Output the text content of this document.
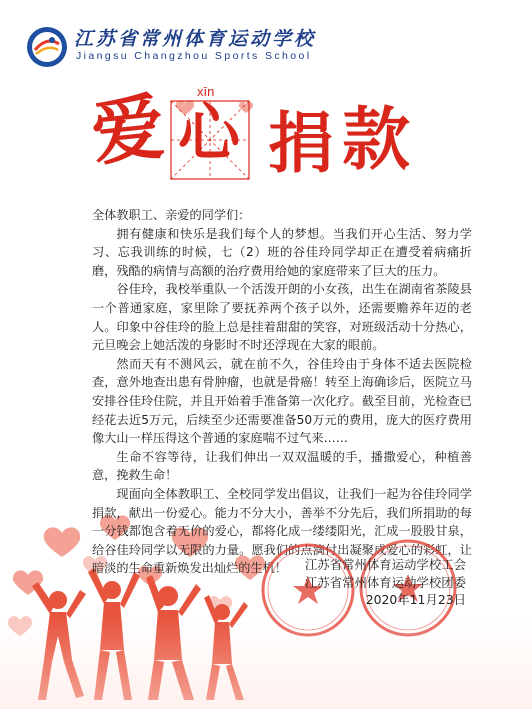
江苏省常州体育运动学校
Jiangsu Changzhou Sports School
爱 xīn
心 捐 款

全体教职工、亲爱的同学们：

拥有健康和快乐是我们每个人的梦想。当我们开心生活、努力学习、忘我训练的时候，七（2）班的谷佳玲同学却正在遭受着病痛折磨，残酷的病情与高额的治疗费用给她的家庭带来了巨大的压力。

谷佳玲，我校举重队一个活泼开朗的小女孩，出生在湖南省茶陵县一个普通家庭，家里除了要抚养两个孩子以外，还需要赡养年迈的老人。印象中谷佳玲的脸上总是挂着甜甜的笑容，对班级活动十分热心，元旦晚会上她活泼的身影时不时还浮现在大家的眼前。

然而天有不测风云，就在前不久，谷佳玲由于身体不适去医院检查，意外地查出患有骨肿瘤，也就是骨癌！转至上海确诊后，医院立马安排谷佳玲住院，并且开始着手准备第一次化疗。截至目前，光检查已经花去近5万元，后续至少还需要准备50万元的费用，庞大的医疗费用像大山一样压得这个普通的家庭喘不过气来……

生命不容等待，让我们伸出一双双温暖的手，播撒爱心，种植善意，挽救生命！

现面向全体教职工、全校同学发出倡议，让我们一起为谷佳玲同学捐款，献出一份爱心。能力不分大小，善举不分先后，我们所捐助的每一分钱都饱含着无价的爱心，都将化成一缕缕阳光，汇成一股股甘泉，给谷佳玲同学以无限的力量。愿我们的点滴付出凝聚成爱心的彩虹，让暗淡的生命重新焕发出灿烂的生机！	江苏省常州体育运动学校工会
江苏省常州体育运动学校团委
2020年11月23日
